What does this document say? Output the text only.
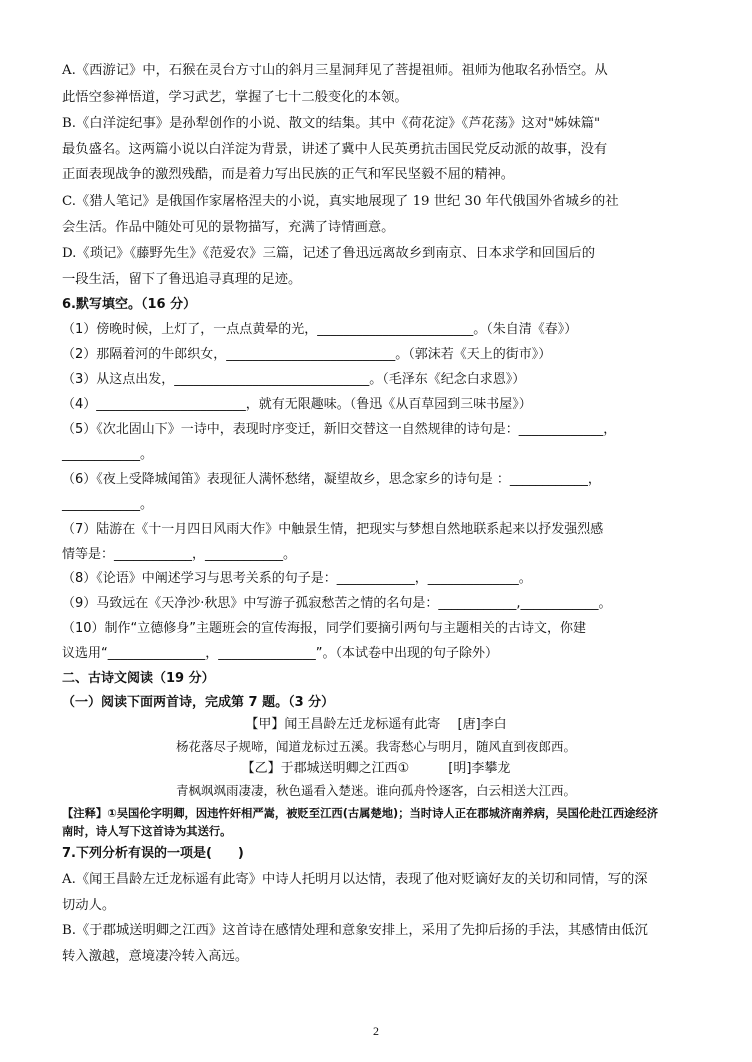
A.《西游记》中，石猴在灵台方寸山的斜月三星洞拜见了菩提祖师。祖师为他取名孙悟空。从
此悟空参禅悟道，学习武艺，掌握了七十二般变化的本领。
B.《白洋淀纪事》是孙犁创作的小说、散文的结集。其中《荷花淀》《芦花荡》这对"姊妹篇"
最负盛名。这两篇小说以白洋淀为背景，讲述了冀中人民英勇抗击国民党反动派的故事，没有
正面表现战争的激烈残酷，而是着力写出民族的正气和军民坚毅不屈的精神。
C.《猎人笔记》是俄国作家屠格涅夫的小说，真实地展现了 19 世纪 30 年代俄国外省城乡的社
会生活。作品中随处可见的景物描写，充满了诗情画意。
D.《琐记》《藤野先生》《范爱农》三篇，记述了鲁迅远离故乡到南京、日本求学和回国后的
一段生活，留下了鲁迅追寻真理的足迹。
6.默写填空。（16 分）
（1）傍晚时候，上灯了，一点点黄晕的光，________________________。（朱自清《春》）
（2）那隔着河的牛郎织女，__________________________。（郭沫若《天上的街市》）
（3）从这点出发，______________________________。（毛泽东《纪念白求恩》）
（4）_______________________，就有无限趣味。（鲁迅《从百草园到三味书屋》）
（5）《次北固山下》一诗中，表现时序变迁，新旧交替这一自然规律的诗句是：_____________，
____________。
（6）《夜上受降城闻笛》表现征人满怀愁绪，凝望故乡，思念家乡的诗句是 ：____________，
____________。
（7）陆游在《十一月四日风雨大作》中触景生情，把现实与梦想自然地联系起来以抒发强烈感
情等是：____________，____________。
（8）《论语》中阐述学习与思考关系的句子是：____________，______________。
（9）马致远在《天净沙·秋思》中写游子孤寂愁苦之情的名句是：____________,____________。
（10）制作“立德修身”主题班会的宣传海报，同学们要摘引两句与主题相关的古诗文，你建
议选用“_______________，_______________”。（本试卷中出现的句子除外）
二、古诗文阅读（19 分）
（一）阅读下面两首诗，完成第 7 题。（3 分）
【甲】闻王昌龄左迁龙标遥有此寄　 [唐]李白
杨花落尽子规啼，闻道龙标过五溪。我寄愁心与明月，随风直到夜郎西。
【乙】于郡城送明卿之江西①　　　[明]李攀龙
青枫飒飒雨凄凄，秋色遥看入楚迷。谁向孤舟怜逐客，白云相送大江西。
【注释】①吴国伦字明卿，因违忤奸相严嵩，被贬至江西(古属楚地)；当时诗人正在郡城济南养病，吴国伦赴江西途经济
南时，诗人写下这首诗为其送行。
7.下列分析有误的一项是(　　)
A.《闻王昌龄左迁龙标遥有此寄》中诗人托明月以达情，表现了他对贬谪好友的关切和同情，写的深
切动人。
B.《于郡城送明卿之江西》这首诗在感情处理和意象安排上，采用了先抑后扬的手法，其感情由低沉
转入激越，意境凄冷转入高远。
2
